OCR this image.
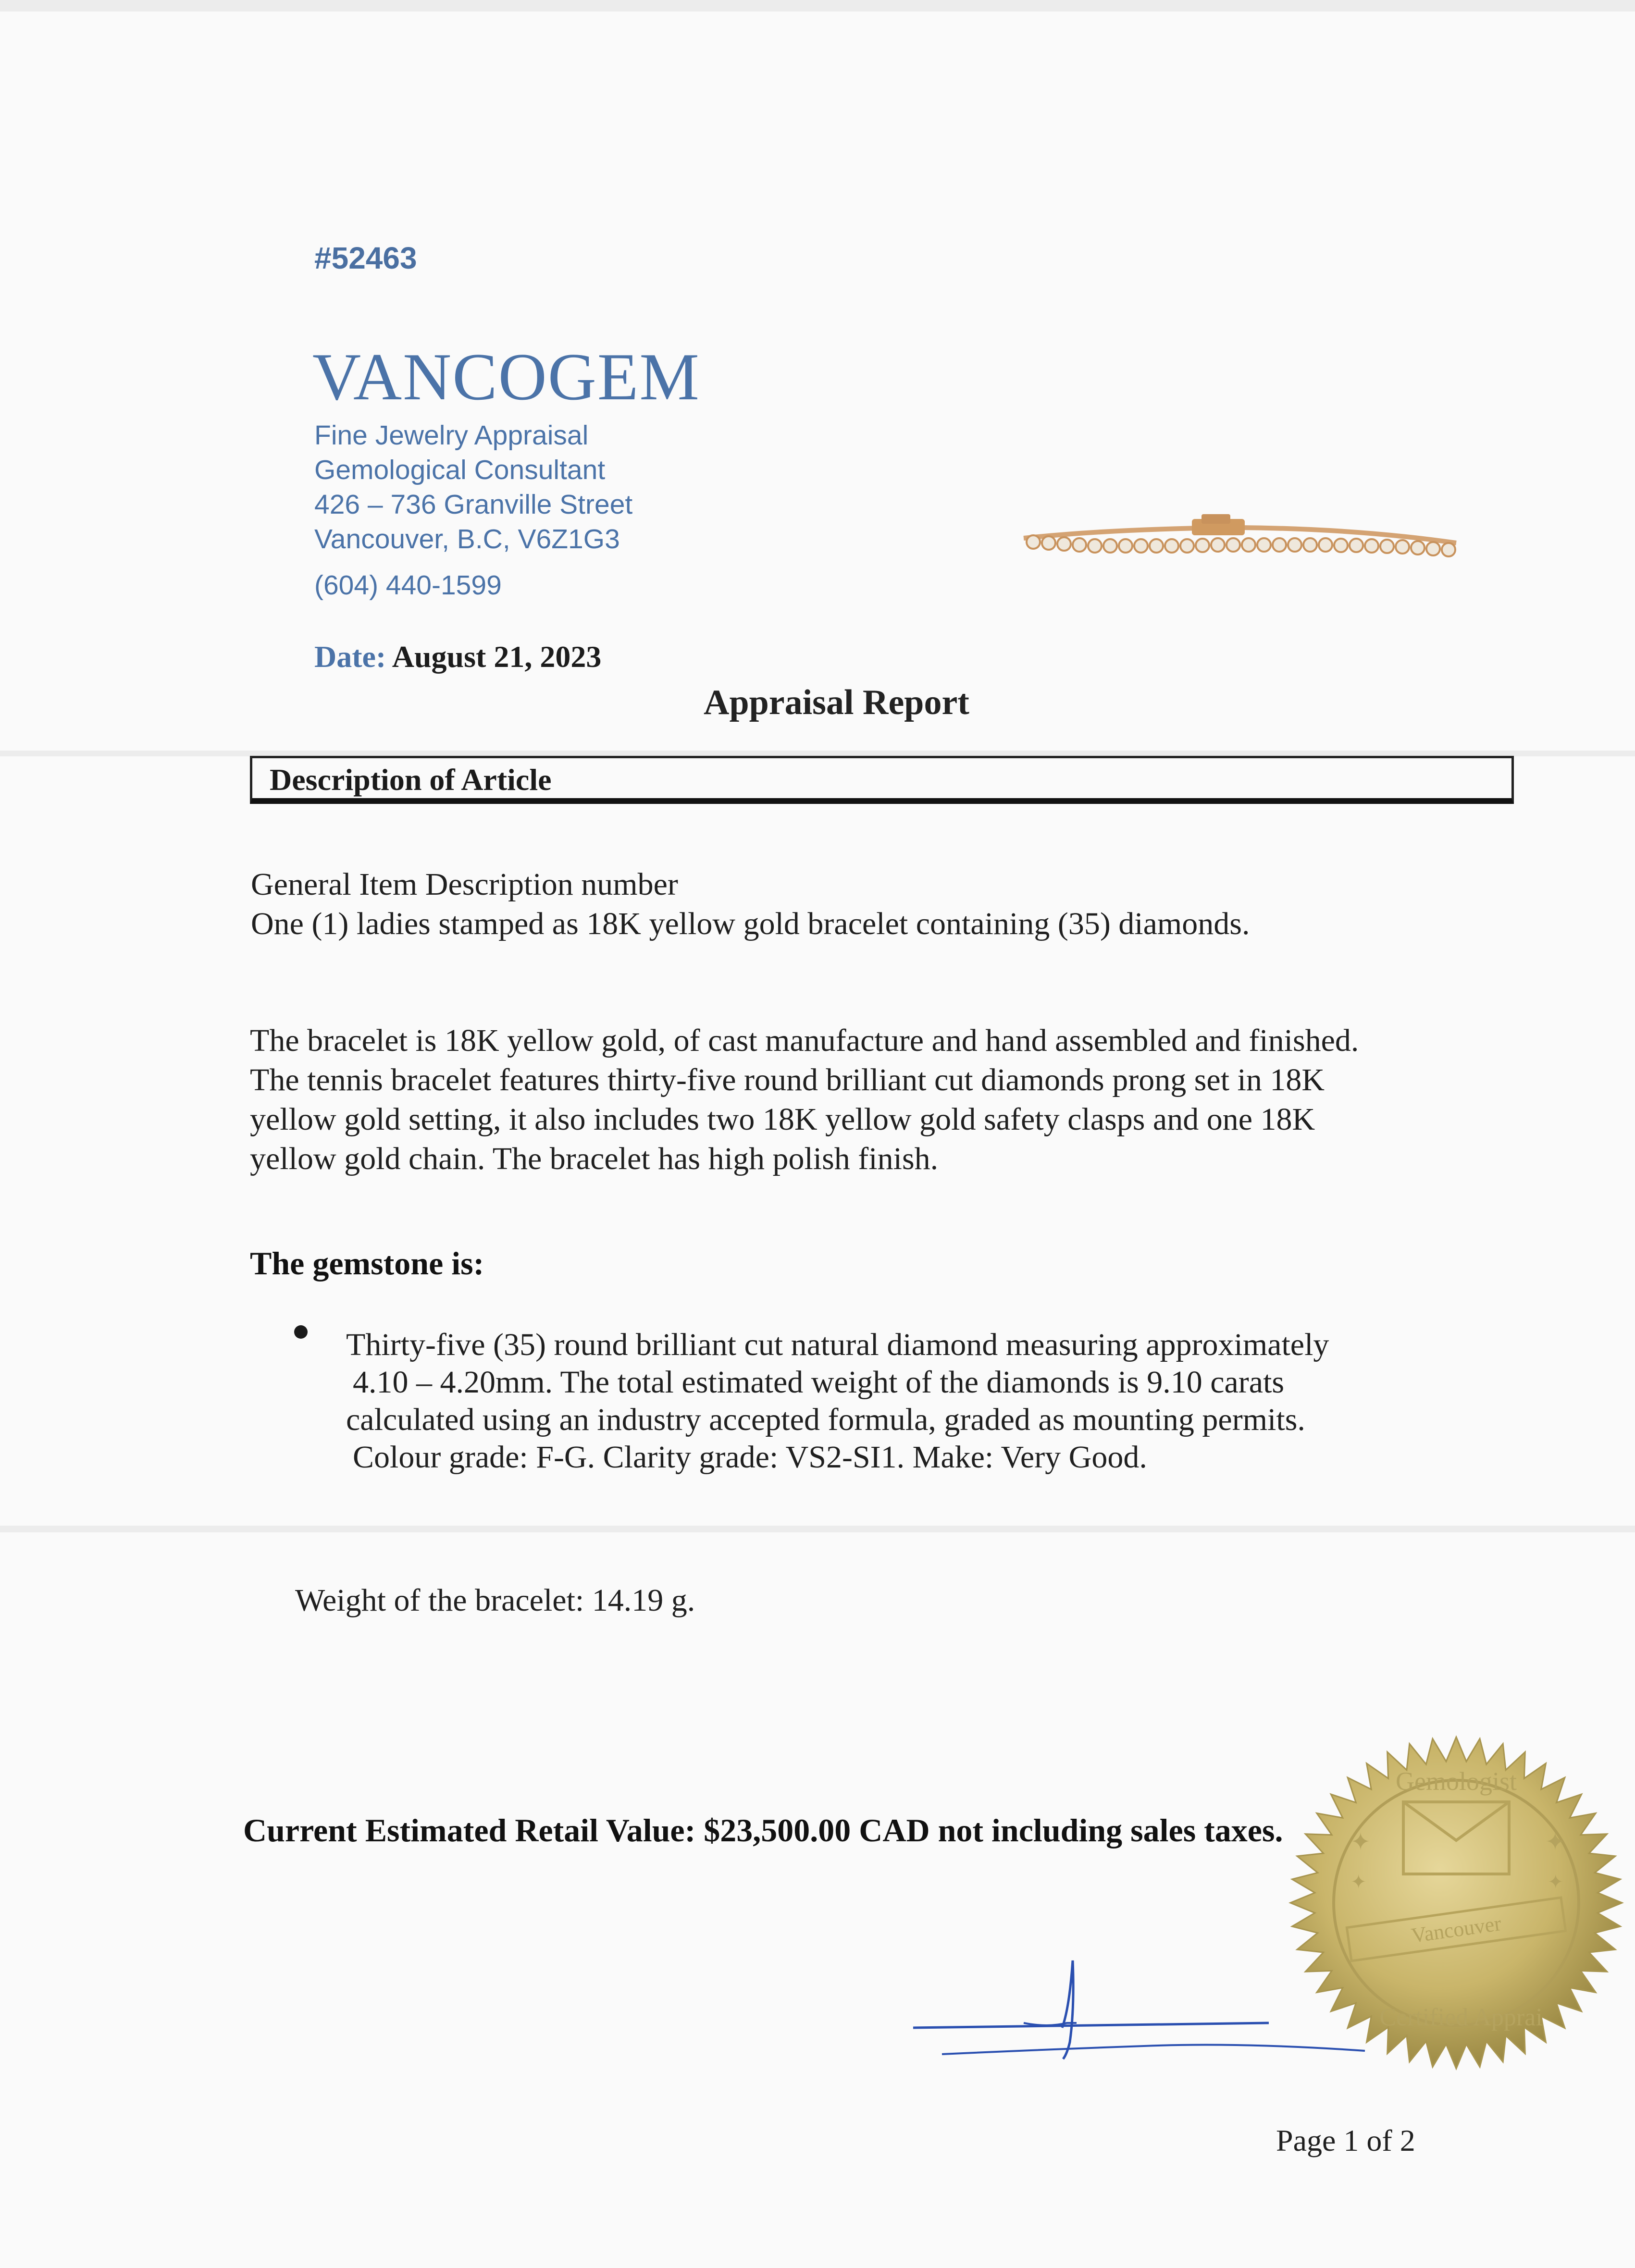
#52463
VANCOGEM
Fine Jewelry Appraisal
Gemological Consultant
426 – 736 Granville Street
Vancouver, B.C, V6Z1G3
(604) 440-1599
Date: August 21, 2023
Appraisal Report
Description of Article
General Item Description number
One (1) ladies stamped as 18K yellow gold bracelet containing (35) diamonds.
The bracelet is 18K yellow gold, of cast manufacture and hand assembled and finished.
The tennis bracelet features thirty-five round brilliant cut diamonds prong set in 18K
yellow gold setting, it also includes two 18K yellow gold safety clasps and one 18K
yellow gold chain. The bracelet has high polish finish.
The gemstone is:
Thirty-five (35) round brilliant cut natural diamond measuring approximately
4.10 – 4.20mm. The total estimated weight of the diamonds is 9.10 carats
calculated using an industry accepted formula, graded as mounting permits.
Colour grade: F-G. Clarity grade: VS2-SI1. Make: Very Good.
Weight of the bracelet: 14.19 g.
Current Estimated Retail Value: $23,500.00 CAD not including sales taxes.
Gemologist
Vancouver
Certified Apprai
✦	✦
✦	✦
Page 1 of 2
